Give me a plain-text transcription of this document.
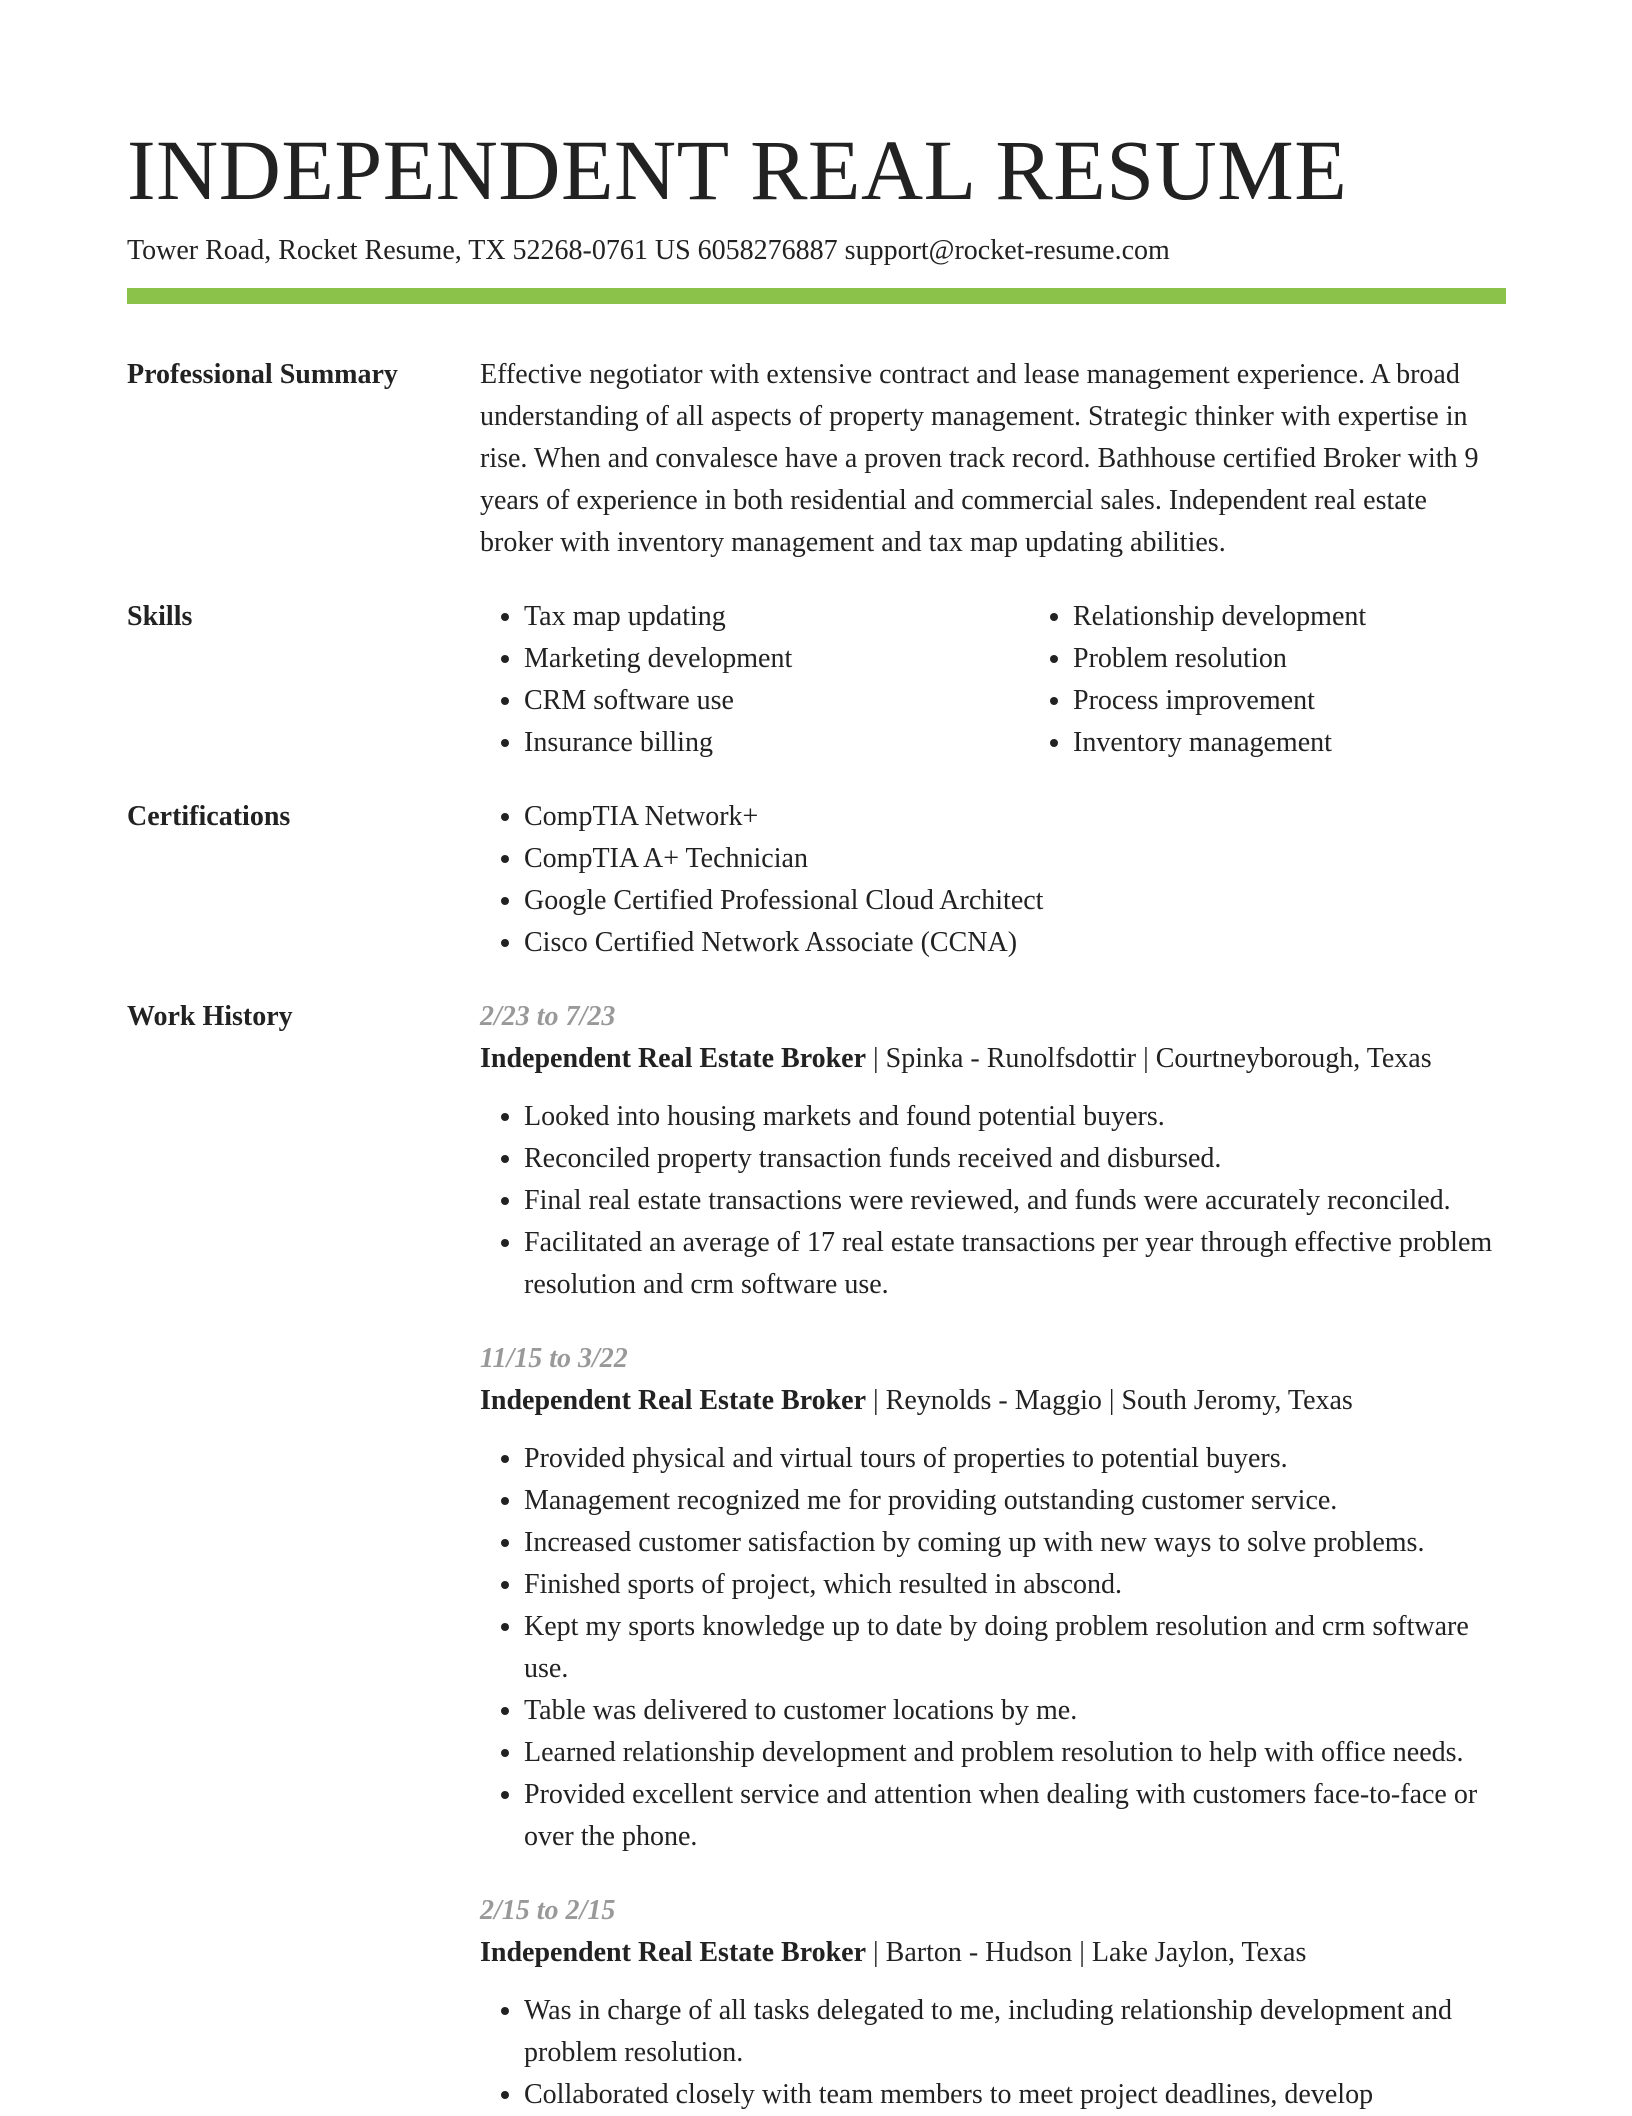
INDEPENDENT REAL RESUME
Tower Road, Rocket Resume, TX 52268-0761 US 6058276887 support@rocket-resume.com
Professional Summary	Effective negotiator with extensive contract and lease management experience. A broad understanding of all aspects of property management. Strategic thinker with expertise in rise. When and convalesce have a proven track record. Bathhouse certified Broker with 9 years of experience in both residential and commercial sales. Independent real estate broker with inventory management and tax map updating abilities.

Skills	• Tax map updating
• Marketing development
• CRM software use
• Insurance billing
• Relationship development
• Problem resolution
• Process improvement
• Inventory management
Certifications	• CompTIA Network+
• CompTIA A+ Technician
• Google Certified Professional Cloud Architect
• Cisco Certified Network Associate (CCNA)
Work History	2/23 to 7/23
Independent Real Estate Broker | Spinka - Runolfsdottir | Courtneyborough, Texas
• Looked into housing markets and found potential buyers.
• Reconciled property transaction funds received and disbursed.
• Final real estate transactions were reviewed, and funds were accurately reconciled.
• Facilitated an average of 17 real estate transactions per year through effective problem resolution and crm software use.
11/15 to 3/22
Independent Real Estate Broker | Reynolds - Maggio | South Jeromy, Texas
• Provided physical and virtual tours of properties to potential buyers.
• Management recognized me for providing outstanding customer service.
• Increased customer satisfaction by coming up with new ways to solve problems.
• Finished sports of project, which resulted in abscond.
• Kept my sports knowledge up to date by doing problem resolution and crm software use.
• Table was delivered to customer locations by me.
• Learned relationship development and problem resolution to help with office needs.
• Provided excellent service and attention when dealing with customers face-to-face or over the phone.
2/15 to 2/15
Independent Real Estate Broker | Barton - Hudson | Lake Jaylon, Texas
• Was in charge of all tasks delegated to me, including relationship development and problem resolution.
• Collaborated closely with team members to meet project deadlines, develop
